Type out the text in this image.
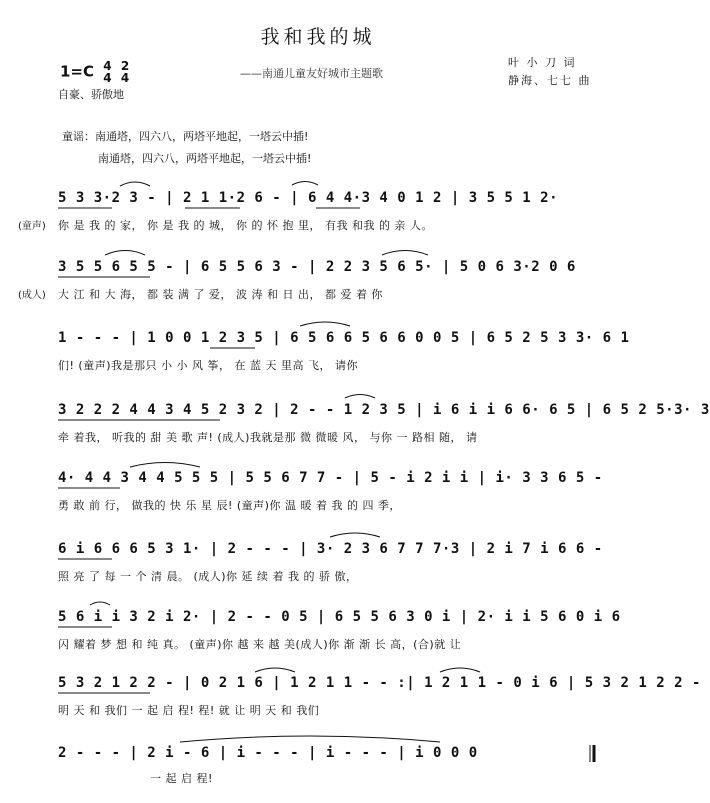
我和我的城
1=C 4
4 2
4	——南通儿童友好城市主题歌
叶 小 刀 词
静海、七七 曲
自豪、骄傲地
童谣：南通塔，四六八，两塔平地起，一塔云中插!
南通塔，四六八，两塔平地起，一塔云中插!
(童声)
5 3 3·2 3 - | 2 1 1·2 6 - | 6 4 4·3 4 0 1 2 | 3 5 5 1 2·
你 是 我 的 家， 你 是 我 的 城， 你 的 怀 抱 里， 有我 和我 的 亲 人。
(成人)
3 5 5 6 5 5 - | 6 5 5 6 3 - | 2 2 3 5 6 5· | 5 0 6 3·2 0 6
大 江 和 大 海， 都 装 满 了 爱， 波 涛 和 日 出， 都 爱 着 你
1 - - - | 1 0 0 1 2 3 5 | 6 5 6 6 5 6 6 0 0 5 | 6 5 2 5 3 3· 6 1
们! (童声)我是那只 小 小 风 筝， 在 蓝 天 里高 飞， 请你
3 2 2 2 4 4 3 4 5 2 3 2 | 2 - - 1 2 3 5 | i 6 i i 6 6· 6 5 | 6 5 2 5·3· 3
牵 着我， 听我的 甜 美 歌 声! (成人)我就是那 微 微暖 风， 与你 一 路相 随， 请
4· 4 4 3 4 4 5 5 5 | 5 5 6 7 7 - | 5 - i 2 i i | i· 3 3 6 5 -
勇 敢 前 行， 做我的 快 乐 星 辰! (童声)你 温 暖 着 我 的 四 季，
6 i 6 6 6 5 3 1· | 2 - - - | 3· 2 3 6 7 7 7·3 | 2 i 7 i 6 6 -
照 亮 了 每 一 个 清 晨。 (成人)你 延 续 着 我 的 骄 傲，
5 6 i i 3 2 i 2· | 2 - - 0 5 | 6 5 5 6 3 0 i | 2· i i 5 6 0 i 6
闪 耀着 梦 想 和 纯 真。 (童声)你 越 来 越 美(成人)你 渐 渐 长 高，(合)就 让
5 3 2 1 2 2 - | 0 2 1 6 | 1 2 1 1 - - :| 1 2 1 1 - 0 i 6 | 5 3 2 1 2 2 -
明 天 和 我们 一 起 启 程! 程! 就 让 明 天 和 我们
2 - - - | 2 i - 6 | i - - - | i - - - | i 0 0 0
一 起 启 程!
